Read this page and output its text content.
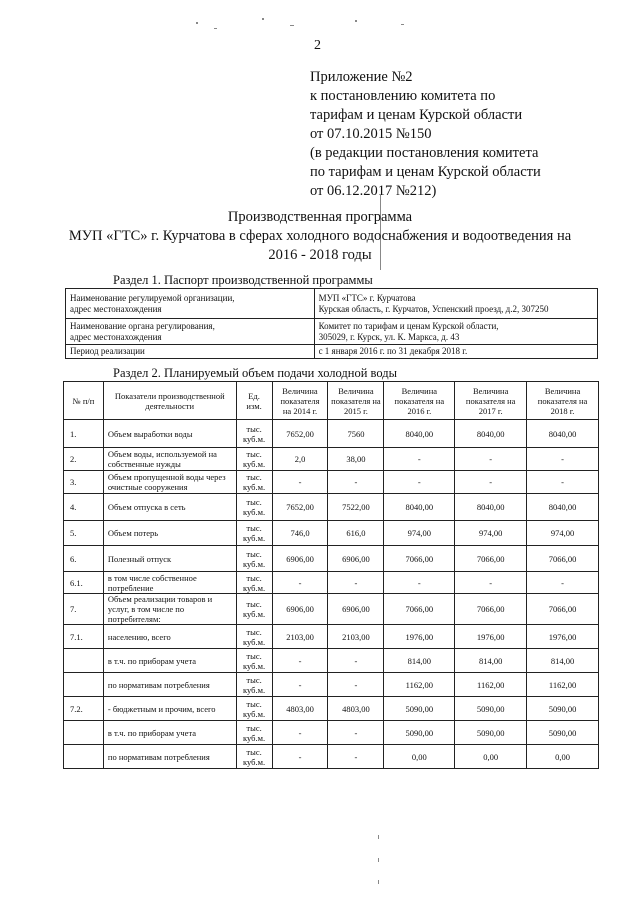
2
Приложение №2
к постановлению комитета по
тарифам и ценам Курской области
от 07.10.2015 №150
(в редакции постановления комитета
по тарифам и ценам Курской области
от 06.12.2017 №212)
Производственная программа
МУП «ГТС» г. Курчатова в сферах холодного водоснабжения и водоотведения на
2016 - 2018 годы
Раздел 1. Паспорт производственной программы
Наименование регулируемой организации,
адрес местонахождения	МУП «ГТС» г. Курчатова
Курская область, г. Курчатов, Успенский проезд, д.2, 307250
Наименование органа регулирования,
адрес местонахождения	Комитет по тарифам и ценам Курской области,
305029, г. Курск, ул. К. Маркса, д. 43
Период реализации	с 1 января 2016 г. по 31 декабря 2018 г.
Раздел 2. Планируемый объем подачи холодной воды
№ п/п	Показатели производственной
деятельности	Ед.
изм.	Величина
показателя
на 2014 г.	Величина
показателя на
2015 г.	Величина
показателя на
2016 г.	Величина
показателя на
2017 г.	Величина
показателя на
2018 г.
1.	Объем выработки воды	тыс.
куб.м.	7652,00	7560	8040,00	8040,00	8040,00
2.	Объем воды, используемой на
собственные нужды	тыс.
куб.м.	2,0	38,00	-	-	-
3.	Объем пропущенной воды через
очистные сооружения	тыс.
куб.м.	-	-	-	-	-
4.	Объем отпуска в сеть	тыс.
куб.м.	7652,00	7522,00	8040,00	8040,00	8040,00
5.	Объем потерь	тыс.
куб.м.	746,0	616,0	974,00	974,00	974,00
6.	Полезный отпуск	тыс.
куб.м.	6906,00	6906,00	7066,00	7066,00	7066,00
6.1.	в том числе собственное
потребление	тыс.
куб.м.	-	-	-	-	-
7.	Объем реализации товаров и
услуг, в том числе по
потребителям:	тыс.
куб.м.	6906,00	6906,00	7066,00	7066,00	7066,00
7.1.	населению, всего	тыс.
куб.м.	2103,00	2103,00	1976,00	1976,00	1976,00
	в т.ч. по приборам учета	тыс.
куб.м.	-	-	814,00	814,00	814,00
	по нормативам потребления	тыс.
куб.м.	-	-	1162,00	1162,00	1162,00
7.2.	- бюджетным и прочим, всего	тыс.
куб.м.	4803,00	4803,00	5090,00	5090,00	5090,00
	в т.ч. по приборам учета	тыс.
куб.м.	-	-	5090,00	5090,00	5090,00
	по нормативам потребления	тыс.
куб.м.	-	-	0,00	0,00	0,00
